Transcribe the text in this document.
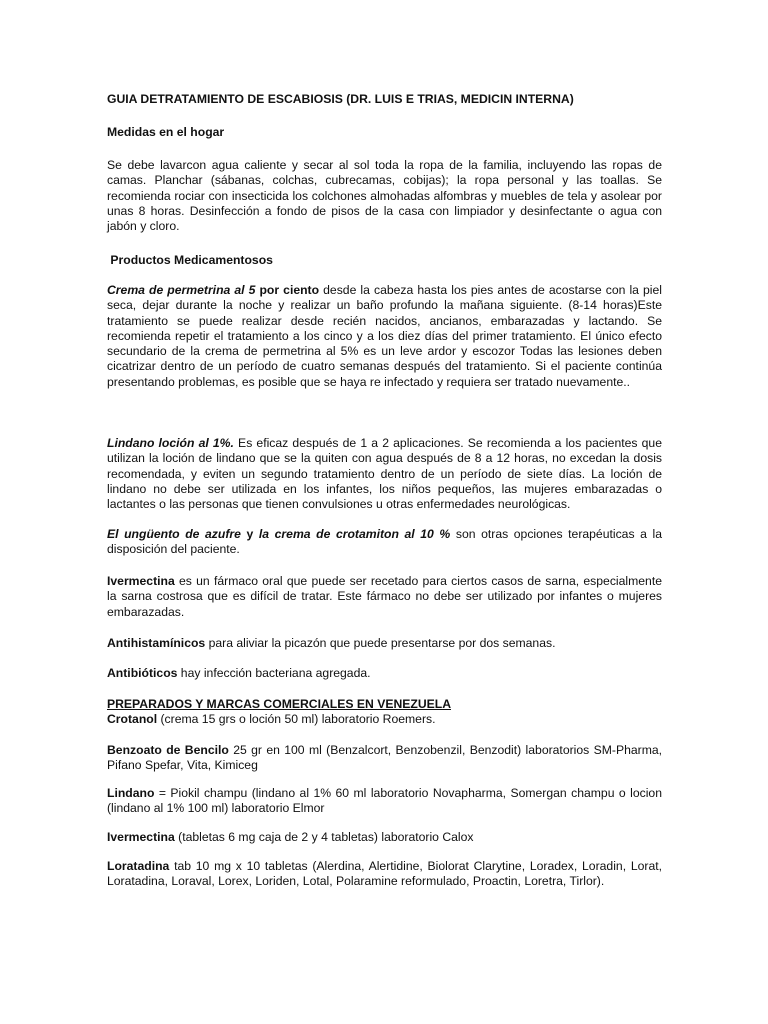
GUIA DETRATAMIENTO DE ESCABIOSIS (DR. LUIS E TRIAS, MEDICIN INTERNA)

Medidas en el hogar

Se debe lavarcon agua caliente y secar al sol toda la ropa de la familia, incluyendo las ropas de camas. Planchar (sábanas, colchas, cubrecamas, cobijas); la ropa personal y las toallas. Se recomienda rociar con insecticida los colchones almohadas alfombras y muebles de tela y asolear por unas 8 horas. Desinfección a fondo de pisos de la casa con limpiador y desinfectante o agua con jabón y cloro.

Productos Medicamentosos

Crema de permetrina al 5 por ciento desde la cabeza hasta los pies antes de acostarse con la piel seca, dejar durante la noche y realizar un baño profundo la mañana siguiente. (8-14 horas)Este tratamiento se puede realizar desde recién nacidos, ancianos, embarazadas y lactando. Se recomienda repetir el tratamiento a los cinco y a los diez días del primer tratamiento. El único efecto secundario de la crema de permetrina al 5% es un leve ardor y escozor Todas las lesiones deben cicatrizar dentro de un período de cuatro semanas después del tratamiento. Si el paciente continúa presentando problemas, es posible que se haya re infectado y requiera ser tratado nuevamente..

Lindano loción al 1%. Es eficaz después de 1 a 2 aplicaciones. Se recomienda a los pacientes que utilizan la loción de lindano que se la quiten con agua después de 8 a 12 horas, no excedan la dosis recomendada, y eviten un segundo tratamiento dentro de un período de siete días. La loción de lindano no debe ser utilizada en los infantes, los niños pequeños, las mujeres embarazadas o lactantes o las personas que tienen convulsiones u otras enfermedades neurológicas.

El ungüento de azufre y la crema de crotamiton al 10 % son otras opciones terapéuticas a la disposición del paciente.

Ivermectina es un fármaco oral que puede ser recetado para ciertos casos de sarna, especialmente la sarna costrosa que es difícil de tratar. Este fármaco no debe ser utilizado por infantes o mujeres embarazadas.

Antihistamínicos para aliviar la picazón que puede presentarse por dos semanas.

Antibióticos hay infección bacteriana agregada.

PREPARADOS Y MARCAS COMERCIALES EN VENEZUELA

Crotanol (crema 15 grs o loción 50 ml) laboratorio Roemers.

Benzoato de Bencilo 25 gr en 100 ml (Benzalcort, Benzobenzil, Benzodit) laboratorios SM-Pharma, Pifano Spefar, Vita, Kimiceg

Lindano = Piokil champu (lindano al 1% 60 ml laboratorio Novapharma, Somergan champu o locion (lindano al 1% 100 ml) laboratorio Elmor

Ivermectina (tabletas 6 mg caja de 2 y 4 tabletas) laboratorio Calox

Loratadina tab 10 mg x 10 tabletas (Alerdina, Alertidine, Biolorat Clarytine, Loradex, Loradin, Lorat, Loratadina, Loraval, Lorex, Loriden, Lotal, Polaramine reformulado, Proactin, Loretra, Tirlor).
